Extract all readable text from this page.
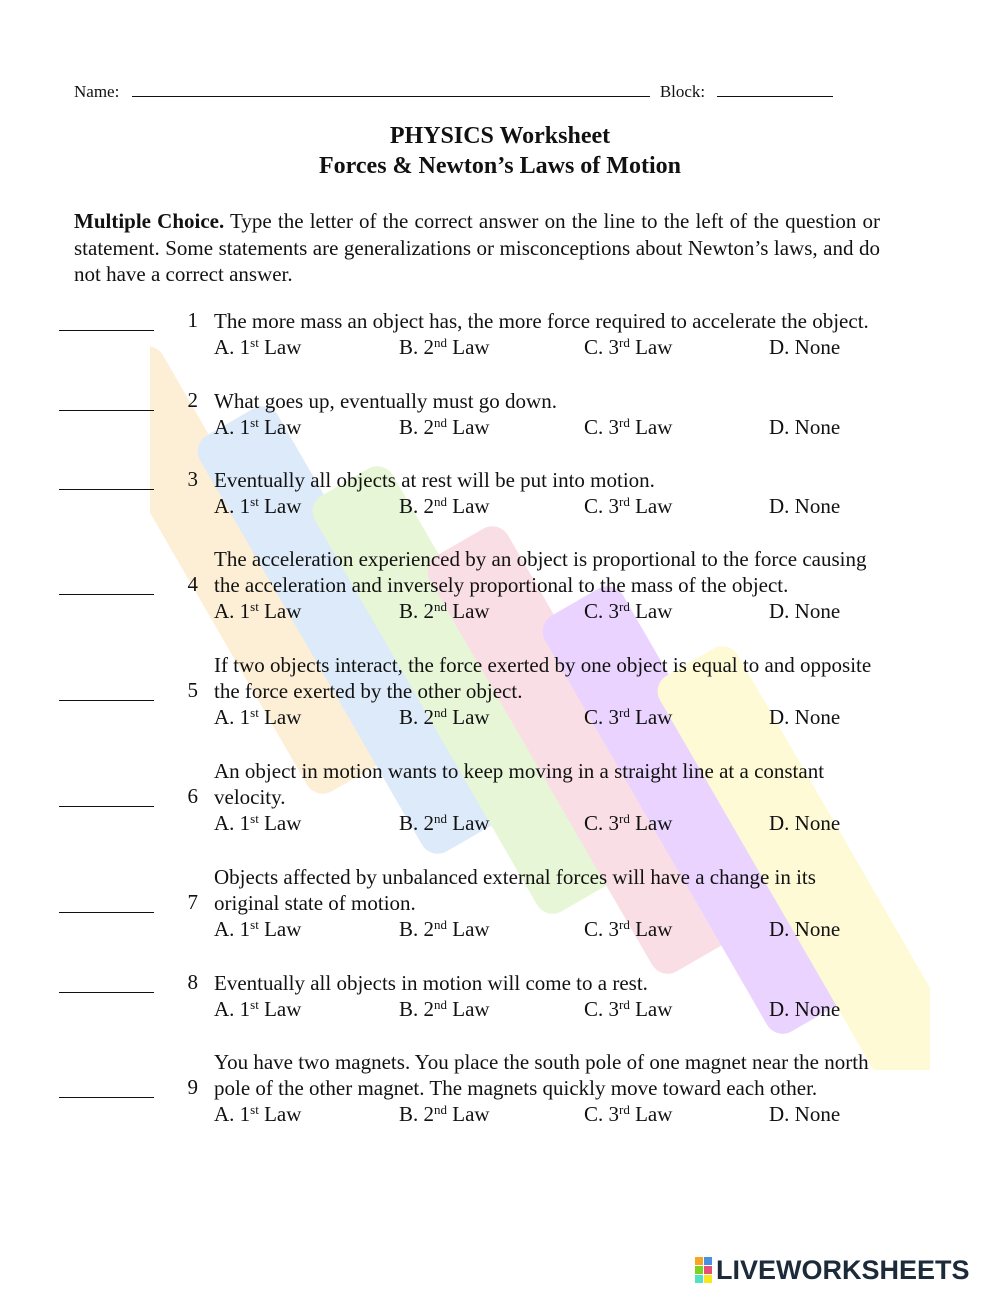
Name:	Block:
PHYSICS Worksheet
Forces & Newton’s Laws of Motion
Multiple Choice. Type the letter of the correct answer on the line to the left of the question or statement. Some statements are generalizations or misconceptions about Newton’s laws, and do not have a correct answer.
1 The more mass an object has, the more force required to accelerate the object.
A. 1st Law	B. 2nd Law	C. 3rd Law	D. None
2 What goes up, eventually must go down.
A. 1st Law	B. 2nd Law	C. 3rd Law	D. None
3 Eventually all objects at rest will be put into motion.
A. 1st Law	B. 2nd Law	C. 3rd Law	D. None
4
The acceleration experienced by an object is proportional to the force causing
the acceleration and inversely proportional to the mass of the object.
A. 1st Law	B. 2nd Law	C. 3rd Law	D. None
5
If two objects interact, the force exerted by one object is equal to and opposite
the force exerted by the other object.
A. 1st Law	B. 2nd Law	C. 3rd Law	D. None
6
An object in motion wants to keep moving in a straight line at a constant
velocity.
A. 1st Law	B. 2nd Law	C. 3rd Law	D. None
7
Objects affected by unbalanced external forces will have a change in its
original state of motion.
A. 1st Law	B. 2nd Law	C. 3rd Law	D. None
8 Eventually all objects in motion will come to a rest.
A. 1st Law	B. 2nd Law	C. 3rd Law	D. None
9
You have two magnets. You place the south pole of one magnet near the north
pole of the other magnet. The magnets quickly move toward each other.
A. 1st Law	B. 2nd Law	C. 3rd Law	D. None
LIVEWORKSHEETS
